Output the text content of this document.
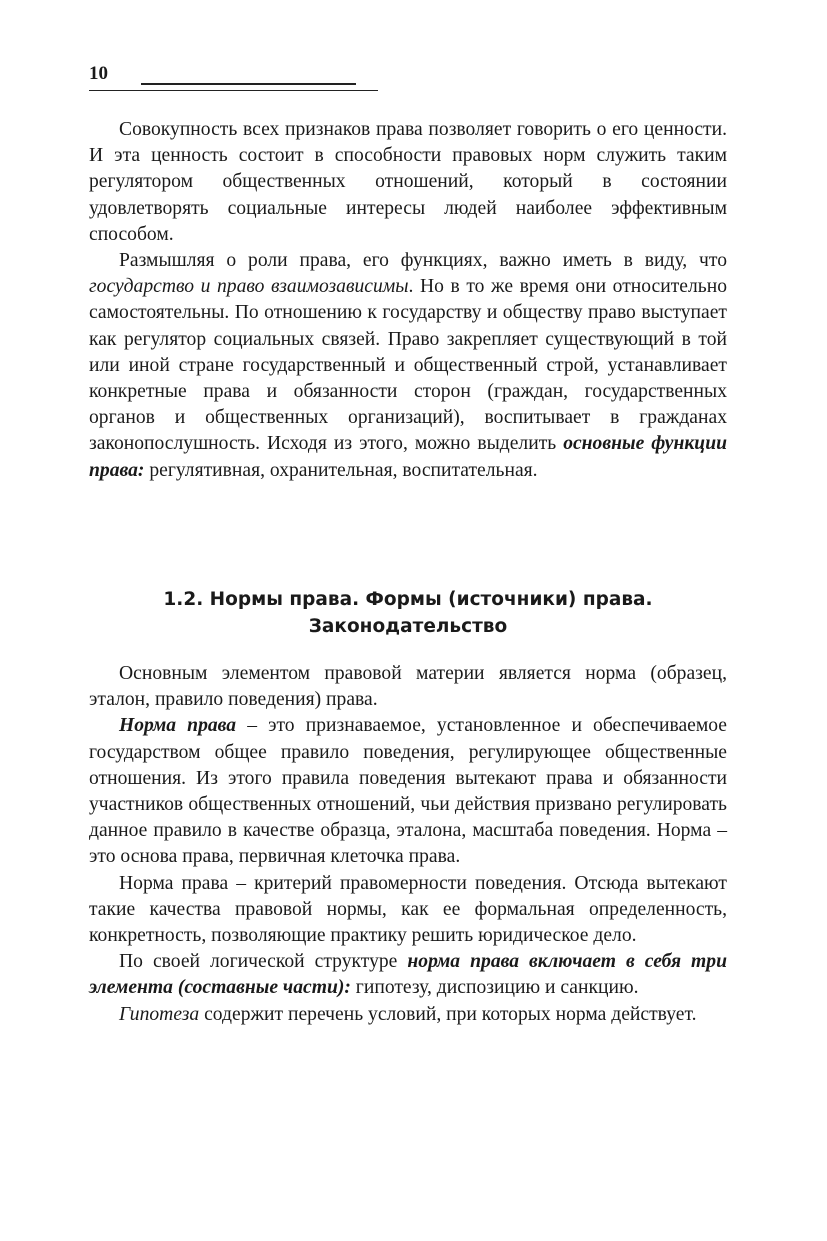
10

Совокупность всех признаков права позволяет говорить о его ценности. И эта ценность состоит в способности правовых норм служить таким регулятором общественных отношений, который в состоянии удовлетворять социальные интересы людей наиболее эффективным способом.

Размышляя о роли права, его функциях, важно иметь в виду, что государство и право взаимозависимы. Но в то же время они относительно самостоятельны. По отношению к государству и обществу право выступает как регулятор социальных связей. Право закрепляет существующий в той или иной стране государственный и общественный строй, устанавливает конкретные права и обязанности сторон (граждан, государственных органов и общественных организаций), воспитывает в гражданах законопослушность. Исходя из этого, можно выделить основные функции права: регулятивная, охранительная, воспитательная.

1.2. Нормы права. Формы (источники) права.
Законодательство

Основным элементом правовой материи является норма (образец, эталон, правило поведения) права.

Норма права – это признаваемое, установленное и обеспечиваемое государством общее правило поведения, регулирующее общественные отношения. Из этого правила поведения вытекают права и обязанности участников общественных отношений, чьи действия призвано регулировать данное правило в качестве образца, эталона, масштаба поведения. Норма – это основа права, первичная клеточка права.

Норма права – критерий правомерности поведения. Отсюда вытекают такие качества правовой нормы, как ее формальная определенность, конкретность, позволяющие практику решить юридическое дело.

По своей логической структуре норма права включает в себя три элемента (составные части): гипотезу, диспозицию и санкцию.

Гипотеза содержит перечень условий, при которых норма действует.
